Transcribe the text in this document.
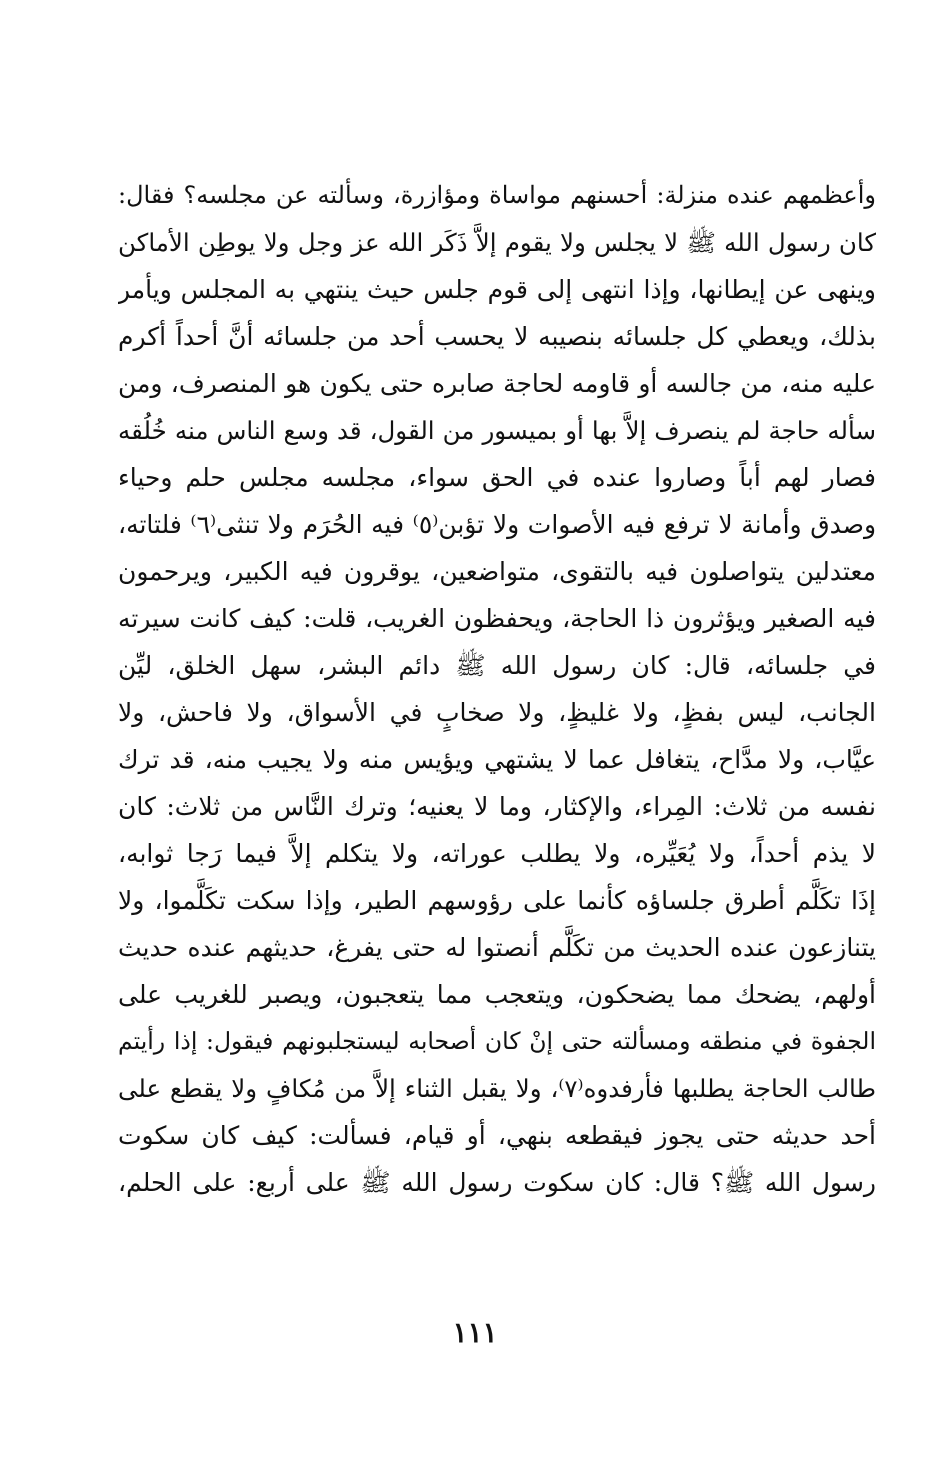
وأعظمهم عنده منزلة: أحسنهم مواساة ومؤازرة، وسألته عن مجلسه؟ فقال:
كان رسول الله ﷺ لا يجلس ولا يقوم إلاَّ ذَكَر الله عز وجل ولا يوطِن الأماكن
وينهى عن إيطانها، وإذا انتهى إلى قوم جلس حيث ينتهي به المجلس ويأمر
بذلك، ويعطي كل جلسائه بنصيبه لا يحسب أحد من جلسائه أنَّ أحداً أكرم
عليه منه، من جالسه أو قاومه لحاجة صابره حتى يكون هو المنصرف، ومن
سأله حاجة لم ينصرف إلاَّ بها أو بميسور من القول، قد وسع الناس منه خُلُقه
فصار لهم أباً وصاروا عنده في الحق سواء، مجلسه مجلس حلم وحياء
وصدق وأمانة لا ترفع فيه الأصوات ولا تؤبن⁽٥⁾ فيه الحُرَم ولا تنثى⁽٦⁾ فلتاته،
معتدلين يتواصلون فيه بالتقوى، متواضعين، يوقرون فيه الكبير، ويرحمون
فيه الصغير ويؤثرون ذا الحاجة، ويحفظون الغريب، قلت: كيف كانت سيرته
في جلسائه، قال: كان رسول الله ﷺ دائم البشر، سهل الخلق، ليِّن
الجانب، ليس بفظٍ، ولا غليظٍ، ولا صخابٍ في الأسواق، ولا فاحش، ولا
عيَّاب، ولا مدَّاح، يتغافل عما لا يشتهي ويؤيس منه ولا يجيب منه، قد ترك
نفسه من ثلاث: المِراء، والإكثار، وما لا يعنيه؛ وترك النَّاس من ثلاث: كان
لا يذم أحداً، ولا يُعَيِّره، ولا يطلب عوراته، ولا يتكلم إلاَّ فيما رَجا ثوابه،
إذَا تكَلَّم أطرق جلساؤه كأنما على رؤوسهم الطير، وإذا سكت تكَلَّموا، ولا
يتنازعون عنده الحديث من تكَلَّم أنصتوا له حتى يفرغ، حديثهم عنده حديث
أولهم، يضحك مما يضحكون، ويتعجب مما يتعجبون، ويصبر للغريب على
الجفوة في منطقه ومسألته حتى إنْ كان أصحابه ليستجلبونهم فيقول: إذا رأيتم
طالب الحاجة يطلبها فأرفدوه⁽٧⁾، ولا يقبل الثناء إلاَّ من مُكافٍ ولا يقطع على
أحد حديثه حتى يجوز فيقطعه بنهي، أو قيام، فسألت: كيف كان سكوت
رسول الله ﷺ؟ قال: كان سكوت رسول الله ﷺ على أربع: على الحلم،
١١١
